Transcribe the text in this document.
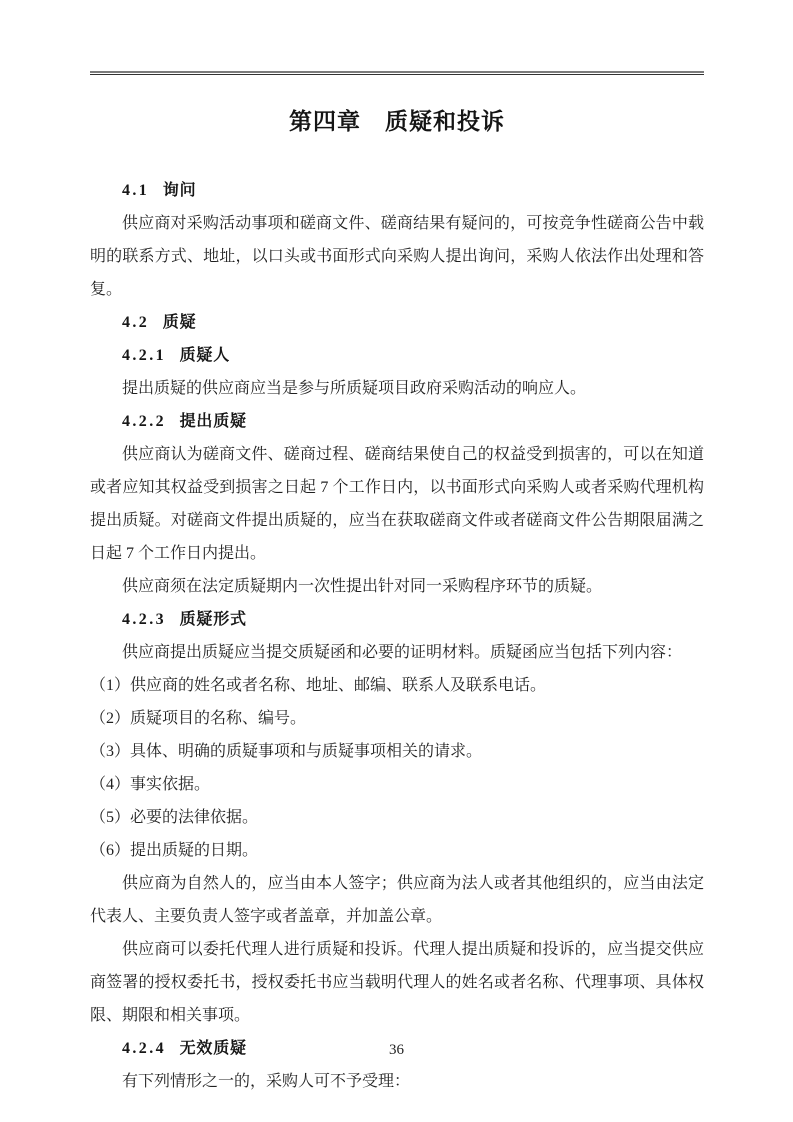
第四章　质疑和投诉

4.1 询问

供应商对采购活动事项和磋商文件、磋商结果有疑问的，可按竞争性磋商公告中载明的联系方式、地址，以口头或书面形式向采购人提出询问，采购人依法作出处理和答复。

4.2 质疑

4.2.1 质疑人

提出质疑的供应商应当是参与所质疑项目政府采购活动的响应人。

4.2.2 提出质疑

供应商认为磋商文件、磋商过程、磋商结果使自己的权益受到损害的，可以在知道或者应知其权益受到损害之日起 7 个工作日内，以书面形式向采购人或者采购代理机构提出质疑。对磋商文件提出质疑的，应当在获取磋商文件或者磋商文件公告期限届满之日起 7 个工作日内提出。

供应商须在法定质疑期内一次性提出针对同一采购程序环节的质疑。

4.2.3 质疑形式

供应商提出质疑应当提交质疑函和必要的证明材料。质疑函应当包括下列内容：

（1）供应商的姓名或者名称、地址、邮编、联系人及联系电话。

（2）质疑项目的名称、编号。

（3）具体、明确的质疑事项和与质疑事项相关的请求。

（4）事实依据。

（5）必要的法律依据。

（6）提出质疑的日期。

供应商为自然人的，应当由本人签字；供应商为法人或者其他组织的，应当由法定代表人、主要负责人签字或者盖章，并加盖公章。

供应商可以委托代理人进行质疑和投诉。代理人提出质疑和投诉的，应当提交供应商签署的授权委托书，授权委托书应当载明代理人的姓名或者名称、代理事项、具体权限、期限和相关事项。

4.2.4 无效质疑

有下列情形之一的，采购人可不予受理：

36
